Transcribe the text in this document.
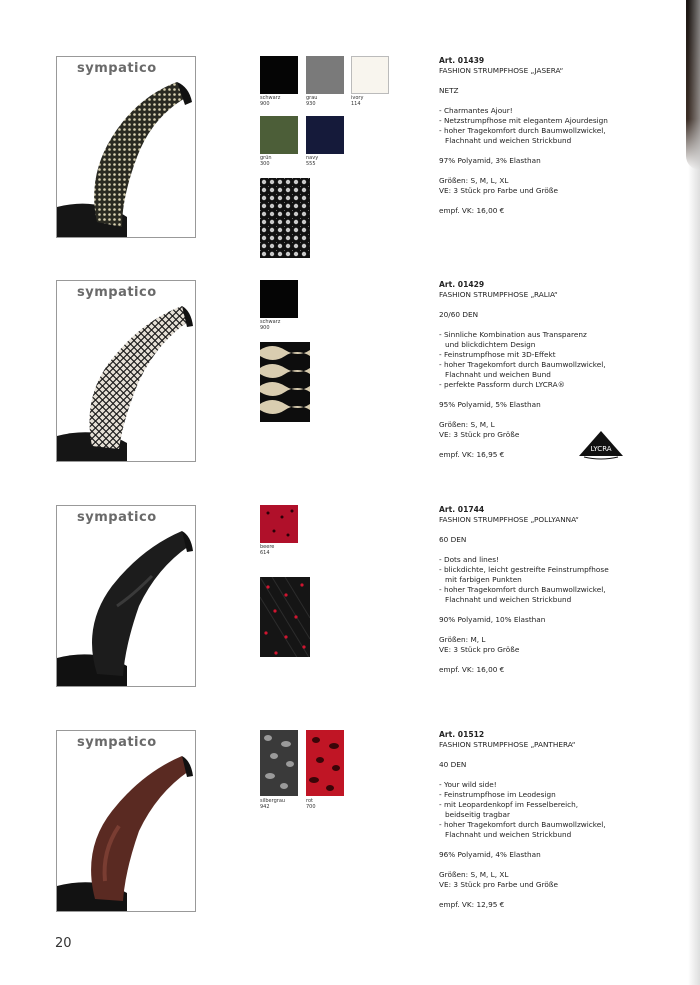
sympatico
schwarz
900
grau
930
ivory
114
grün
300
navy
555

Art. 01439

FASHION STRUMPFHOSE „JASERA“

NETZ

- Charmantes Ajour!

- Netzstrumpfhose mit elegantem Ajourdesign

- hoher Tragekomfort durch Baumwollzwickel,

Flachnaht und weichen Strickbund

97% Polyamid, 3% Elasthan

Größen: S, M, L, XL

VE: 3 Stück pro Farbe und Größe

empf. VK: 16,00 €

sympatico
schwarz
900

Art. 01429

FASHION STRUMPFHOSE „RALIA“

20/60 DEN

- Sinnliche Kombination aus Transparenz

und blickdichtem Design

- Feinstrumpfhose mit 3D-Effekt

- hoher Tragekomfort durch Baumwollzwickel,

Flachnaht und weichen Bund

- perfekte Passform durch LYCRA®

95% Polyamid, 5% Elasthan

Größen: S, M, L

VE: 3 Stück pro Größe

empf. VK: 16,95 €

LYCRA
sympatico
beere
614

Art. 01744

FASHION STRUMPFHOSE „POLLYANNA“

60 DEN

- Dots and lines!

- blickdichte, leicht gestreifte Feinstrumpfhose

mit farbigen Punkten

- hoher Tragekomfort durch Baumwollzwickel,

Flachnaht und weichen Strickbund

90% Polyamid, 10% Elasthan

Größen: M, L

VE: 3 Stück pro Größe

empf. VK: 16,00 €

sympatico
silbergrau
942
rot
700

Art. 01512

FASHION STRUMPFHOSE „PANTHERA“

40 DEN

- Your wild side!

- Feinstrumpfhose im Leodesign

- mit Leopardenkopf im Fesselbereich,

beidseitig tragbar

- hoher Tragekomfort durch Baumwollzwickel,

Flachnaht und weichen Strickbund

96% Polyamid, 4% Elasthan

Größen: S, M, L, XL

VE: 3 Stück pro Farbe und Größe

empf. VK: 12,95 €

20
